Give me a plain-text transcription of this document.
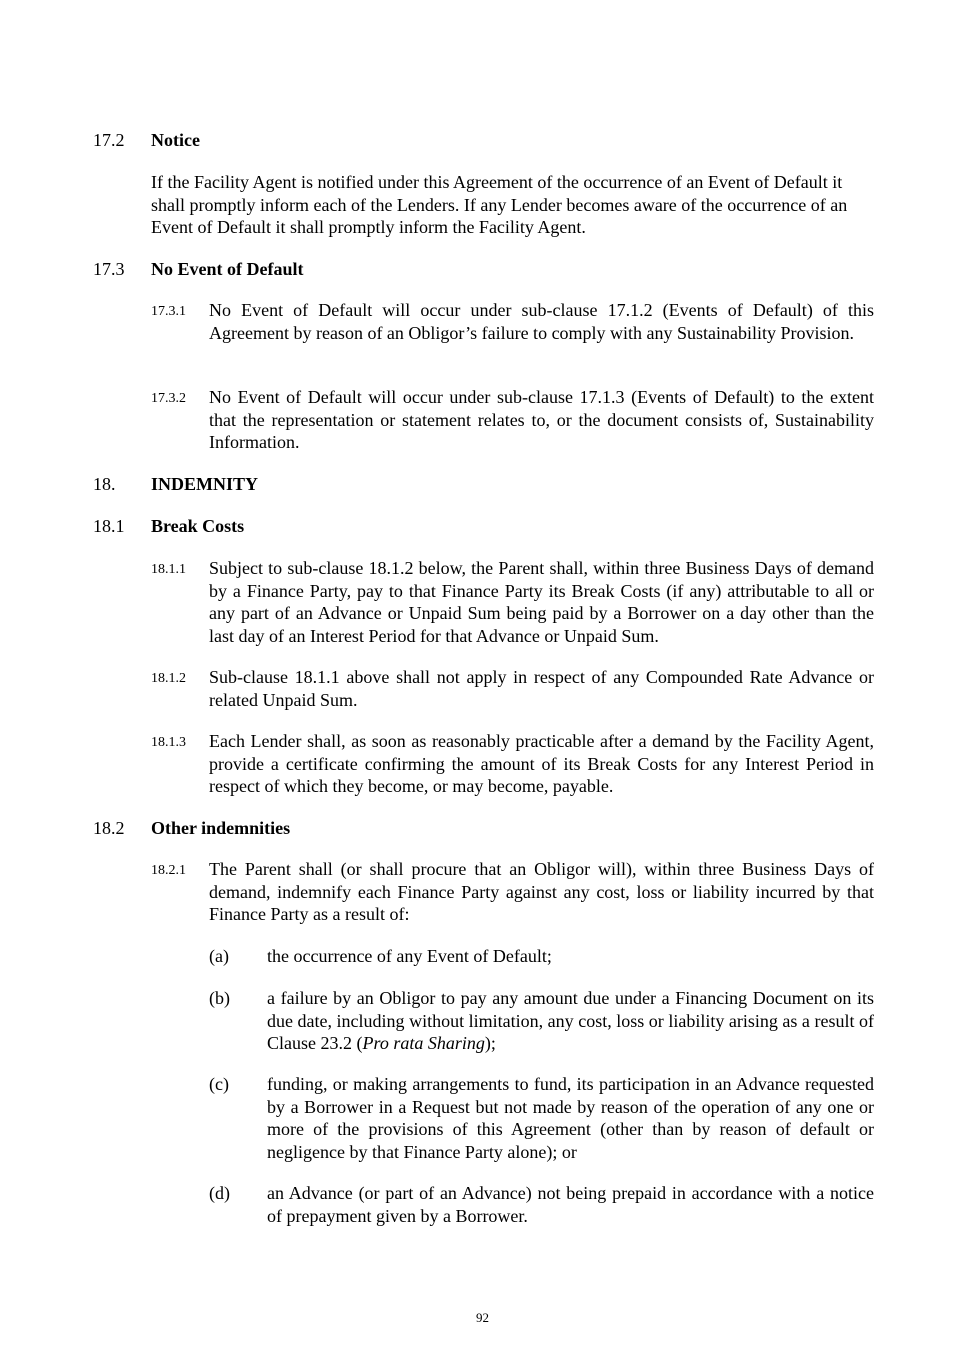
17.2 Notice

If the Facility Agent is notified under this Agreement of the occurrence of an Event of Default it shall promptly inform each of the Lenders. If any Lender becomes aware of the occurrence of an Event of Default it shall promptly inform the Facility Agent.

17.3 No Event of Default
17.3.1 No Event of Default will occur under sub-clause 17.1.2 (Events of Default) of this Agreement by reason of an Obligor’s failure to comply with any Sustainability Provision.

17.3.2 No Event of Default will occur under sub-clause 17.1.3 (Events of Default) to the extent that the representation or statement relates to, or the document consists of, Sustainability Information.

18. INDEMNITY
18.1 Break Costs
18.1.1 Subject to sub-clause 18.1.2 below, the Parent shall, within three Business Days of demand by a Finance Party, pay to that Finance Party its Break Costs (if any) attributable to all or any part of an Advance or Unpaid Sum being paid by a Borrower on a day other than the last day of an Interest Period for that Advance or Unpaid Sum.

18.1.2 Sub-clause 18.1.1 above shall not apply in respect of any Compounded Rate Advance or related Unpaid Sum.

18.1.3 Each Lender shall, as soon as reasonably practicable after a demand by the Facility Agent, provide a certificate confirming the amount of its Break Costs for any Interest Period in respect of which they become, or may become, payable.

18.2 Other indemnities
18.2.1 The Parent shall (or shall procure that an Obligor will), within three Business Days of demand, indemnify each Finance Party against any cost, loss or liability incurred by that Finance Party as a result of:

(a) the occurrence of any Event of Default;

(b) a failure by an Obligor to pay any amount due under a Financing Document on its due date, including without limitation, any cost, loss or liability arising as a result of Clause 23.2 (Pro rata Sharing);

(c) funding, or making arrangements to fund, its participation in an Advance requested by a Borrower in a Request but not made by reason of the operation of any one or more of the provisions of this Agreement (other than by reason of default or negligence by that Finance Party alone); or

(d) an Advance (or part of an Advance) not being prepaid in accordance with a notice of prepayment given by a Borrower.

92
